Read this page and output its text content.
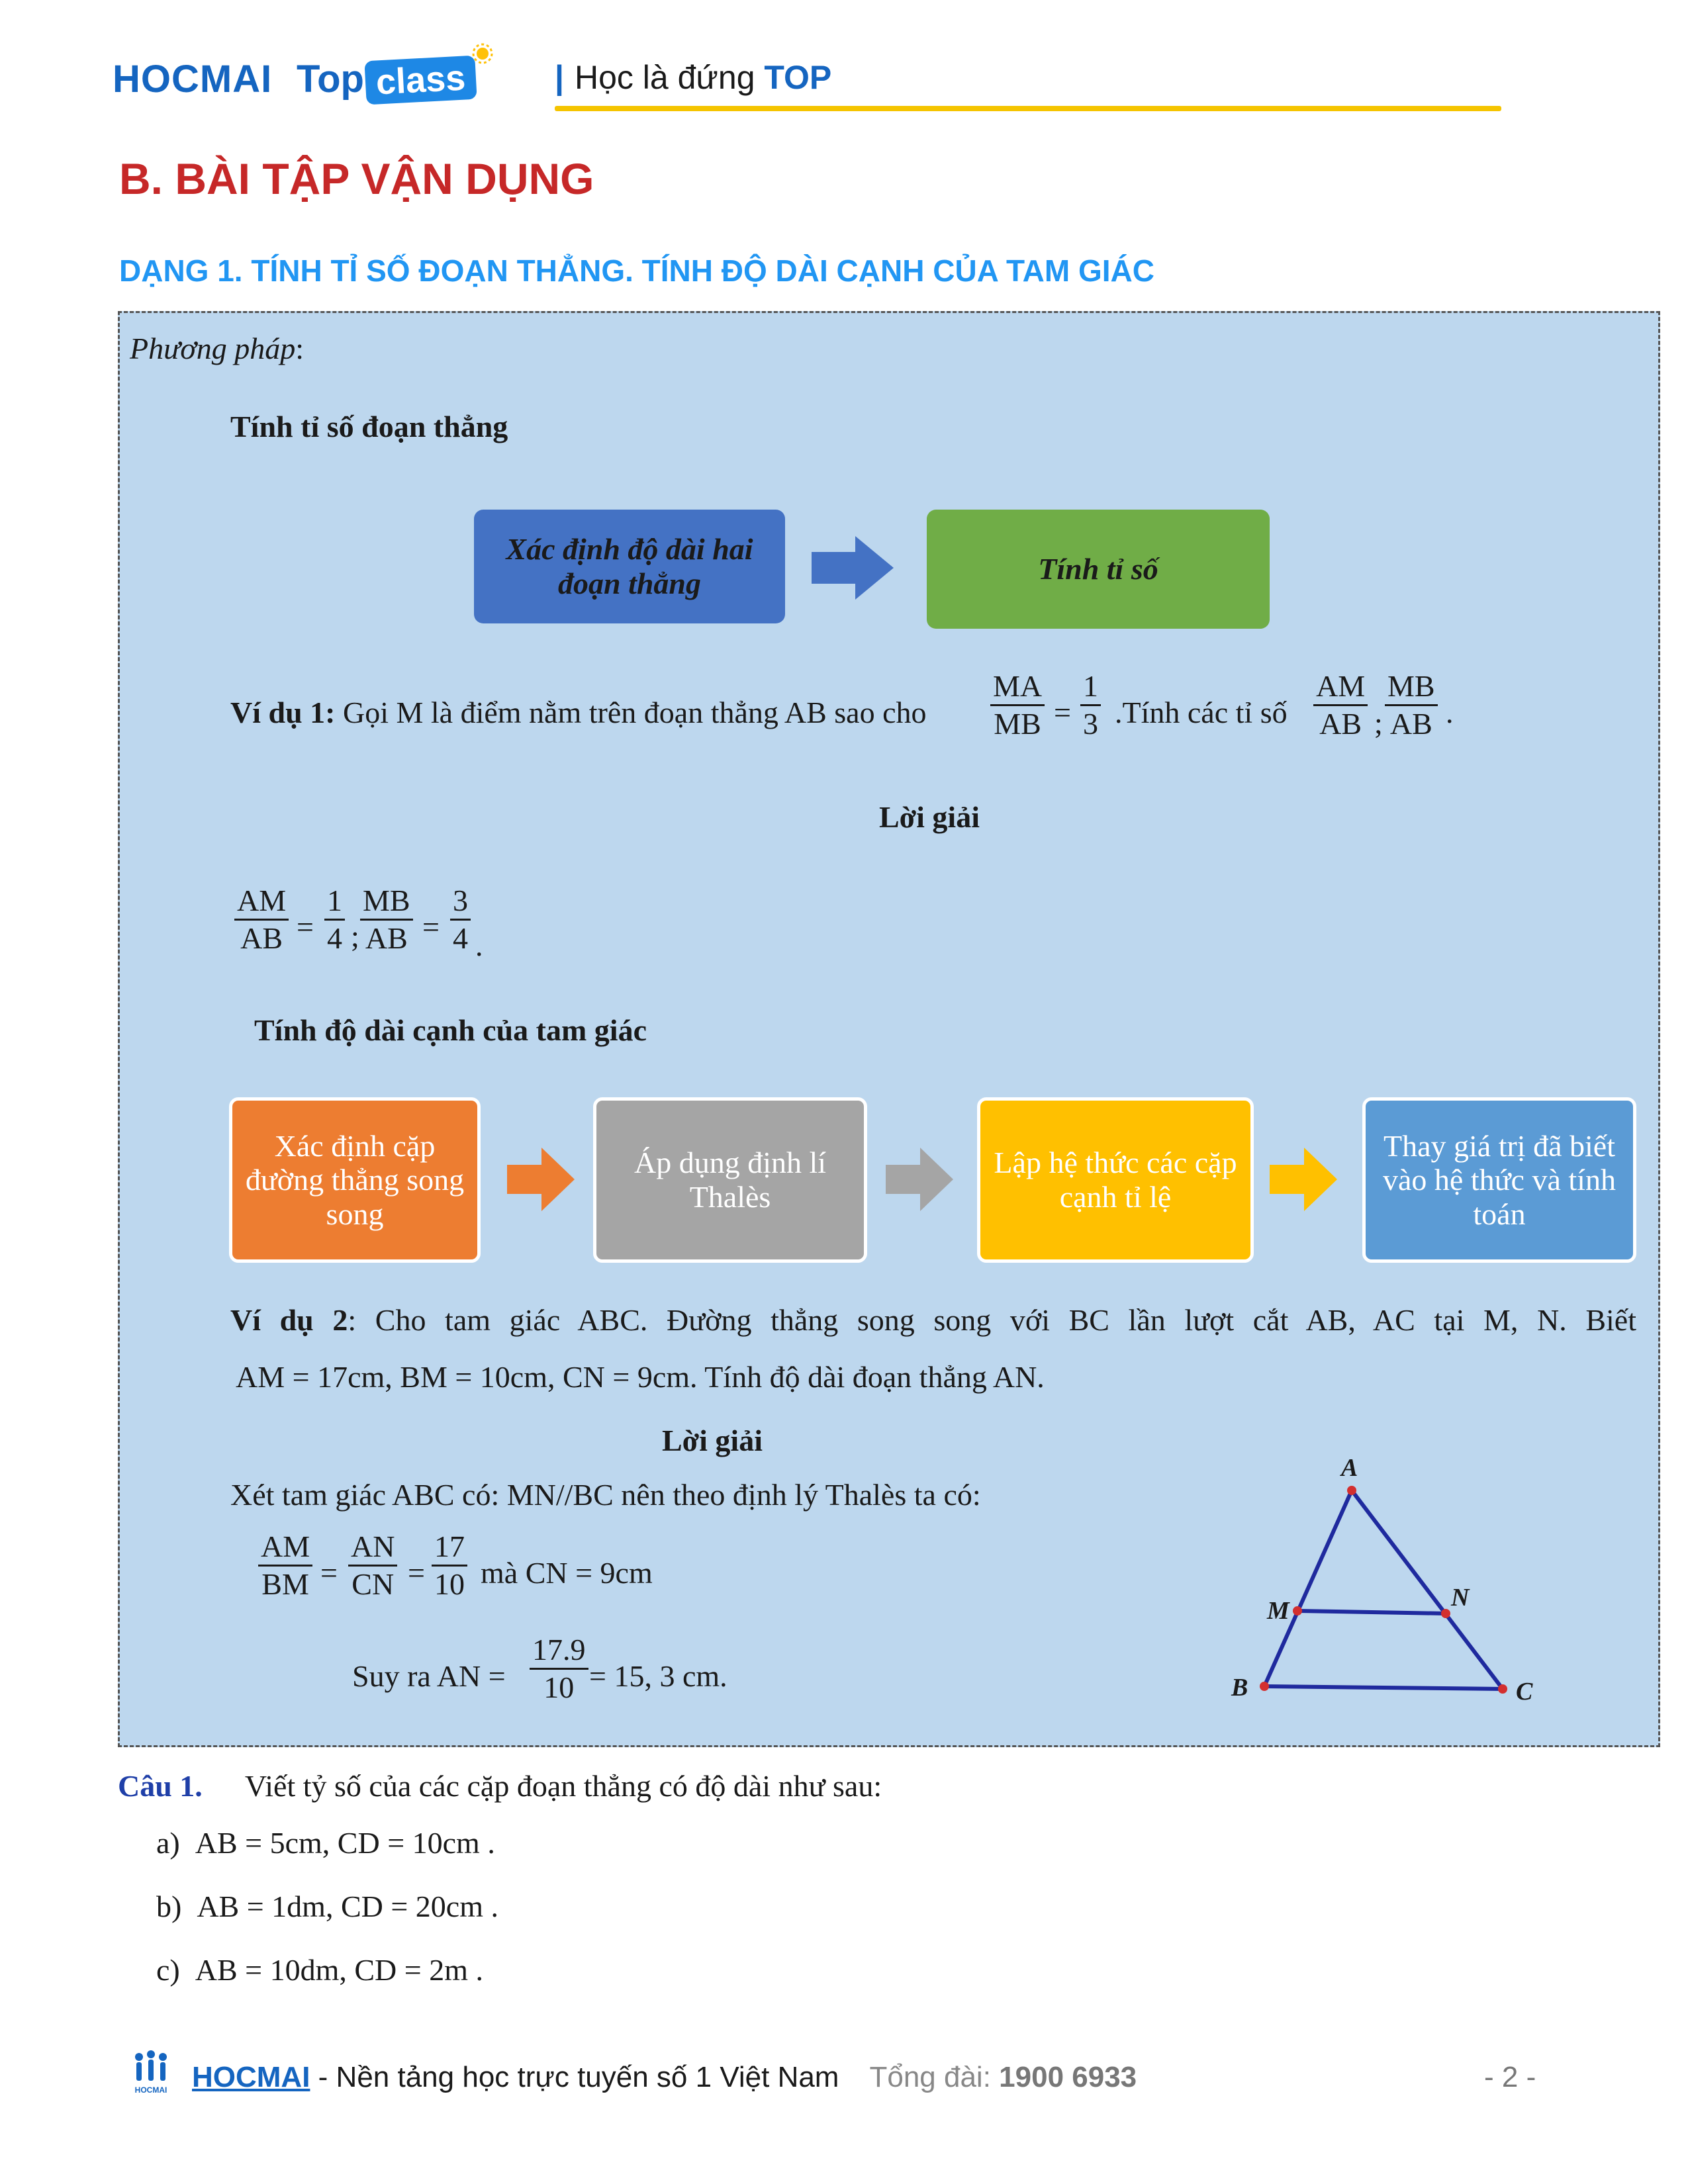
HOCMAI Top class	| Học là đứng TOP
B. BÀI TẬP VẬN DỤNG
DẠNG 1. TÍNH TỈ SỐ ĐOẠN THẲNG. TÍNH ĐỘ DÀI CẠNH CỦA TAM GIÁC
Phương pháp:
Tính tỉ số đoạn thẳng
Xác định độ dài hai đoạn thẳng	Tính tỉ số
Ví dụ 1: Gọi M là điểm nằm trên đoạn thẳng AB sao cho $\frac{MA}{MB} = \frac{1}{3}$ .Tính các tỉ số $\frac{AM}{AB}$ ; $\frac{MB}{AB}$ .
Lời giải
$\frac{AM}{AB} = \frac{1}{4}$ ; $\frac{MB}{AB} = \frac{3}{4}$ .
Tính độ dài cạnh của tam giác
Xác định cặp đường thẳng song song
Áp dụng định lí Thalès
Lập hệ thức các cặp cạnh tỉ lệ
Thay giá trị đã biết vào hệ thức và tính toán
Ví dụ 2: Cho tam giác ABC. Đường thẳng song song với BC lần lượt cắt AB, AC tại M, N. Biết
AM = 17cm, BM = 10cm, CN = 9cm. Tính độ dài đoạn thẳng AN.
Lời giải
Xét tam giác ABC có: MN//BC nên theo định lý Thalès ta có:
$\frac{AM}{BM} = \frac{AN}{CN} = \frac{17}{10}$ mà CN = 9cm
Suy ra AN = $\frac{17.9}{10} = 15$, 3 cm.
A
B	C
M	N
Câu 1. Viết tỷ số của các cặp đoạn thẳng có độ dài như sau:
a) AB = 5cm, CD = 10cm .
b) AB = 1dm, CD = 20cm .
c) AB = 10dm, CD = 2m .
HOCMAI HOCMAI - Nền tảng học trực tuyến số 1 Việt Nam Tổng đài: 1900 6933	- 2 -
